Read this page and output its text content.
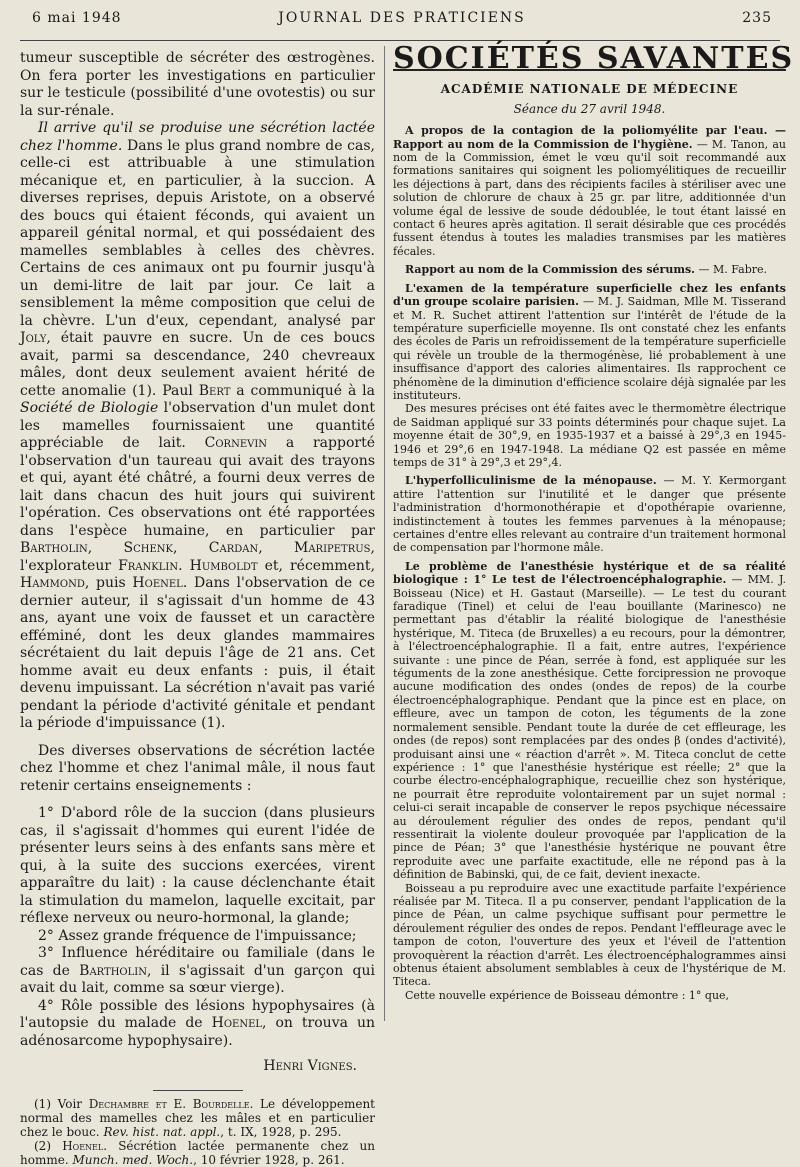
6 mai 1948	JOURNAL DES PRATICIENS	235

tumeur susceptible de sécréter des œstrogènes. On fera porter les investigations en particulier sur le testicule (possibilité d'une ovotestis) ou sur la sur-rénale.

Il arrive qu'il se produise une sécrétion lactée chez l'homme. Dans le plus grand nombre de cas, celle-ci est attribuable à une stimulation mécanique et, en particulier, à la succion. A diverses reprises, depuis Aristote, on a observé des boucs qui étaient féconds, qui avaient un appareil génital normal, et qui possédaient des mamelles semblables à celles des chèvres. Certains de ces animaux ont pu fournir jusqu'à un demi-litre de lait par jour. Ce lait a sensiblement la même composition que celui de la chèvre. L'un d'eux, cependant, analysé par Joly, était pauvre en sucre. Un de ces boucs avait, parmi sa descendance, 240 chevreaux mâles, dont deux seulement avaient hérité de cette anomalie (1). Paul Bert a communiqué à la Société de Biologie l'observation d'un mulet dont les mamelles fournissaient une quantité appréciable de lait. Cornevin a rapporté l'observation d'un taureau qui avait des trayons et qui, ayant été châtré, a fourni deux verres de lait dans chacun des huit jours qui suivirent l'opération. Ces observations ont été rapportées dans l'espèce humaine, en particulier par Bartholin, Schenk, Cardan, Maripetrus, l'explorateur Franklin. Humboldt et, récemment, Hammond, puis Hoenel. Dans l'observation de ce dernier auteur, il s'agissait d'un homme de 43 ans, ayant une voix de fausset et un caractère efféminé, dont les deux glandes mammaires sécrétaient du lait depuis l'âge de 21 ans. Cet homme avait eu deux enfants : puis, il était devenu impuissant. La sécrétion n'avait pas varié pendant la période d'activité génitale et pendant la période d'impuissance (1).

Des diverses observations de sécrétion lactée chez l'homme et chez l'animal mâle, il nous faut retenir certains enseignements :

1° D'abord rôle de la succion (dans plusieurs cas, il s'agissait d'hommes qui eurent l'idée de présenter leurs seins à des enfants sans mère et qui, à la suite des succions exercées, virent apparaître du lait) : la cause déclenchante était la stimulation du mamelon, laquelle excitait, par réflexe nerveux ou neuro-hormonal, la glande;

2° Assez grande fréquence de l'impuissance;

3° Influence héréditaire ou familiale (dans le cas de Bartholin, il s'agissait d'un garçon qui avait du lait, comme sa sœur vierge).

4° Rôle possible des lésions hypophysaires (à l'autopsie du malade de Hoenel, on trouva un adénosarcome hypophysaire).

Henri Vignes.

(1) Voir Dechambre et E. Bourdelle. Le développement normal des mamelles chez les mâles et en particulier chez le bouc. Rev. hist. nat. appl., t. IX, 1928, p. 295.

(2) Hoenel. Sécrétion lactée permanente chez un homme. Munch. med. Woch., 10 février 1928, p. 261.

SOCIÉTÉS SAVANTES
ACADÉMIE NATIONALE DE MÉDECINE
Séance du 27 avril 1948.

A propos de la contagion de la poliomyélite par l'eau. — Rapport au nom de la Commission de l'hygiène. — M. Tanon, au nom de la Commission, émet le vœu qu'il soit recommandé aux formations sanitaires qui soignent les poliomyélitiques de recueillir les déjections à part, dans des récipients faciles à stériliser avec une solution de chlorure de chaux à 25 gr. par litre, additionnée d'un volume égal de lessive de soude dédoublée, le tout étant laissé en contact 6 heures après agitation. Il serait désirable que ces procédés fussent étendus à toutes les maladies transmises par les matières fécales.

Rapport au nom de la Commission des sérums. — M. Fabre.

L'examen de la température superficielle chez les enfants d'un groupe scolaire parisien. — M. J. Saidman, Mlle M. Tisserand et M. R. Suchet attirent l'attention sur l'intérêt de l'étude de la température superficielle moyenne. Ils ont constaté chez les enfants des écoles de Paris un refroidissement de la température superficielle qui révèle un trouble de la thermogénèse, lié probablement à une insuffisance d'apport des calories alimentaires. Ils rapprochent ce phénomène de la diminution d'efficience scolaire déjà signalée par les instituteurs.

Des mesures précises ont été faites avec le thermomètre électrique de Saidman appliqué sur 33 points déterminés pour chaque sujet. La moyenne était de 30°,9, en 1935-1937 et a baissé à 29°,3 en 1945-1946 et 29°,6 en 1947-1948. La médiane Q2 est passée en même temps de 31° à 29°,3 et 29°,4.

L'hyperfolliculinisme de la ménopause. — M. Y. Kermorgant attire l'attention sur l'inutilité et le danger que présente l'administration d'hormonothérapie et d'opothérapie ovarienne, indistinctement à toutes les femmes parvenues à la ménopause; certaines d'entre elles relevant au contraire d'un traitement hormonal de compensation par l'hormone mâle.

Le problème de l'anesthésie hystérique et de sa réalité biologique : 1° Le test de l'électroencéphalographie. — MM. J. Boisseau (Nice) et H. Gastaut (Marseille). — Le test du courant faradique (Tinel) et celui de l'eau bouillante (Marinesco) ne permettant pas d'établir la réalité biologique de l'anesthésie hystérique, M. Titeca (de Bruxelles) a eu recours, pour la démontrer, à l'électroencéphalographie. Il a fait, entre autres, l'expérience suivante : une pince de Péan, serrée à fond, est appliquée sur les téguments de la zone anesthésique. Cette forcipression ne provoque aucune modification des ondes (ondes de repos) de la courbe électroencéphalographique. Pendant que la pince est en place, on effleure, avec un tampon de coton, les téguments de la zone normalement sensible. Pendant toute la durée de cet effleurage, les ondes (de repos) sont remplacées par des ondes β (ondes d'activité), produisant ainsi une « réaction d'arrêt ». M. Titeca conclut de cette expérience : 1° que l'anesthésie hystérique est réelle; 2° que la courbe électro-encéphalographique, recueillie chez son hystérique, ne pourrait être reproduite volontairement par un sujet normal : celui-ci serait incapable de conserver le repos psychique nécessaire au déroulement régulier des ondes de repos, pendant qu'il ressentirait la violente douleur provoquée par l'application de la pince de Péan; 3° que l'anesthésie hystérique ne pouvant être reproduite avec une parfaite exactitude, elle ne répond pas à la définition de Babinski, qui, de ce fait, devient inexacte.

Boisseau a pu reproduire avec une exactitude parfaite l'expérience réalisée par M. Titeca. Il a pu conserver, pendant l'application de la pince de Péan, un calme psychique suffisant pour permettre le déroulement régulier des ondes de repos. Pendant l'effleurage avec le tampon de coton, l'ouverture des yeux et l'éveil de l'attention provoquèrent la réaction d'arrêt. Les électroencéphalogrammes ainsi obtenus étaient absolument semblables à ceux de l'hystérique de M. Titeca.

Cette nouvelle expérience de Boisseau démontre : 1° que,
